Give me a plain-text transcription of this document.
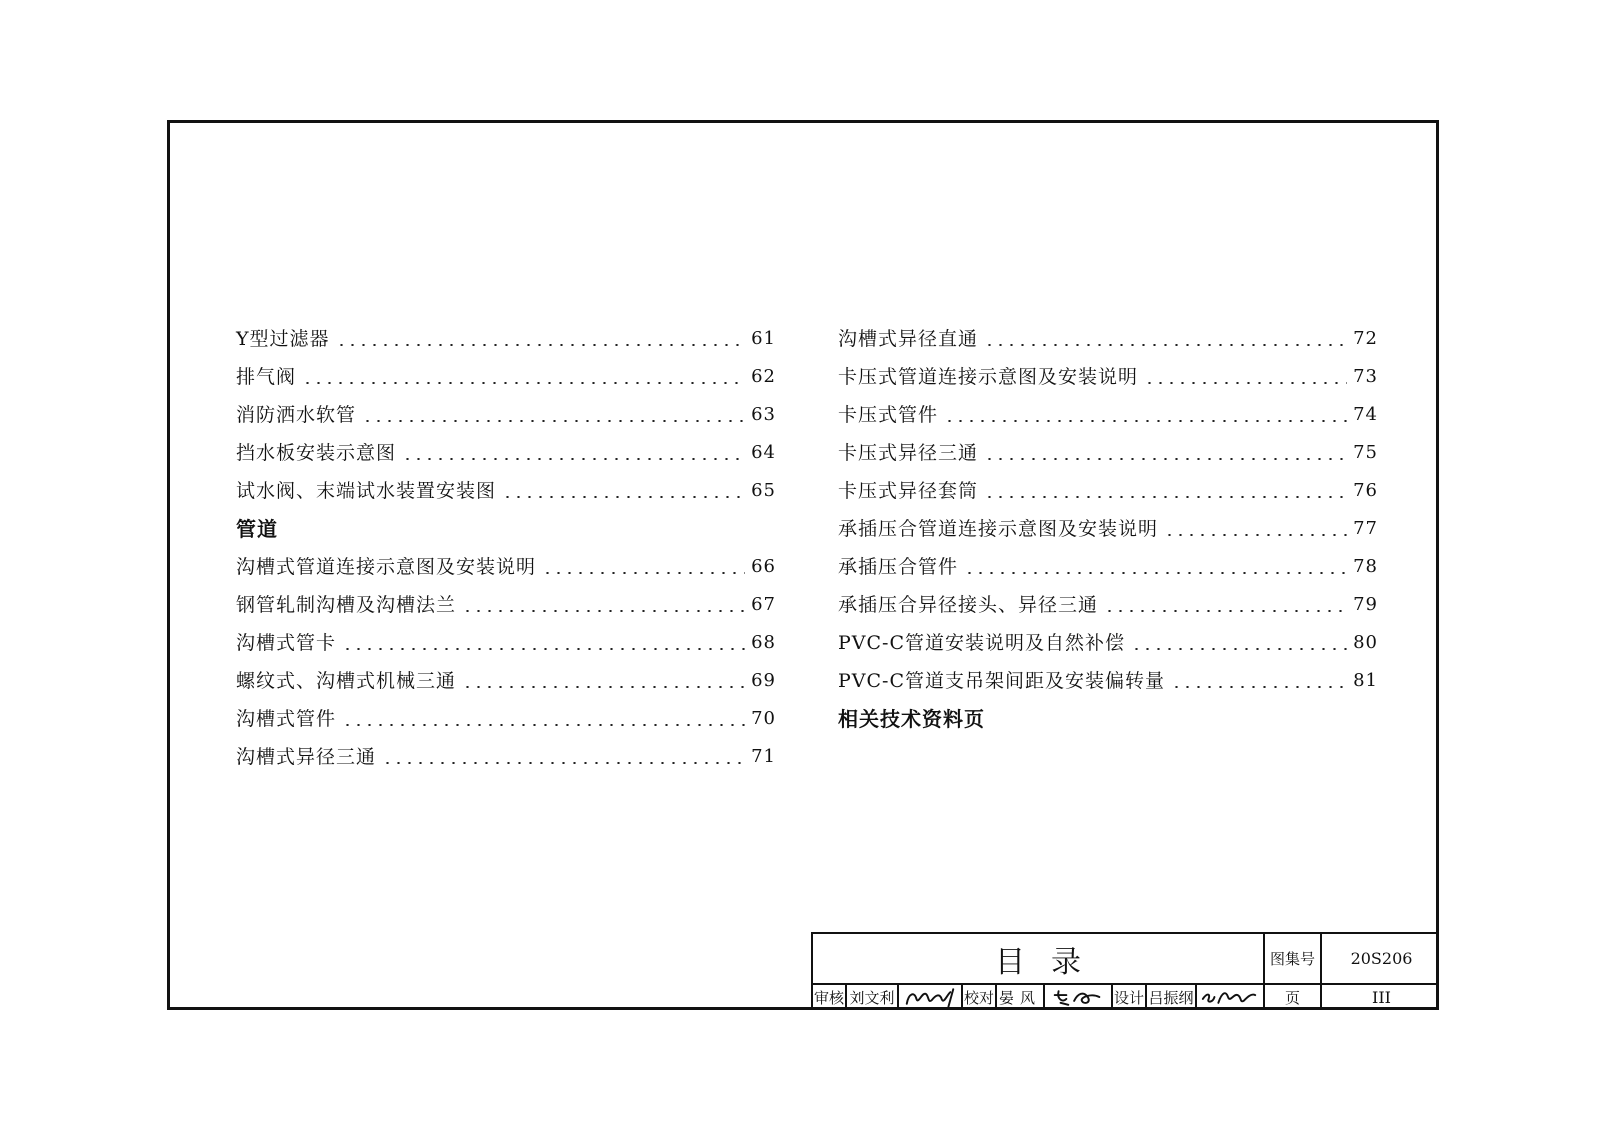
Y型过滤器	61
排气阀	62
消防洒水软管	63
挡水板安装示意图	64
试水阀、末端试水装置安装图	65
管道
沟槽式管道连接示意图及安装说明	66
钢管轧制沟槽及沟槽法兰	67
沟槽式管卡	68
螺纹式、沟槽式机械三通	69
沟槽式管件	70
沟槽式异径三通	71
沟槽式异径直通	72
卡压式管道连接示意图及安装说明	73
卡压式管件	74
卡压式异径三通	75
卡压式异径套筒	76
承插压合管道连接示意图及安装说明	77
承插压合管件	78
承插压合异径接头、异径三通	79
PVC-C管道安装说明及自然补偿	80
PVC-C管道支吊架间距及安装偏转量	81
相关技术资料页
目录	图集号	20S206
审核 刘文利	校对 晏风	设计 吕振纲	页	III
